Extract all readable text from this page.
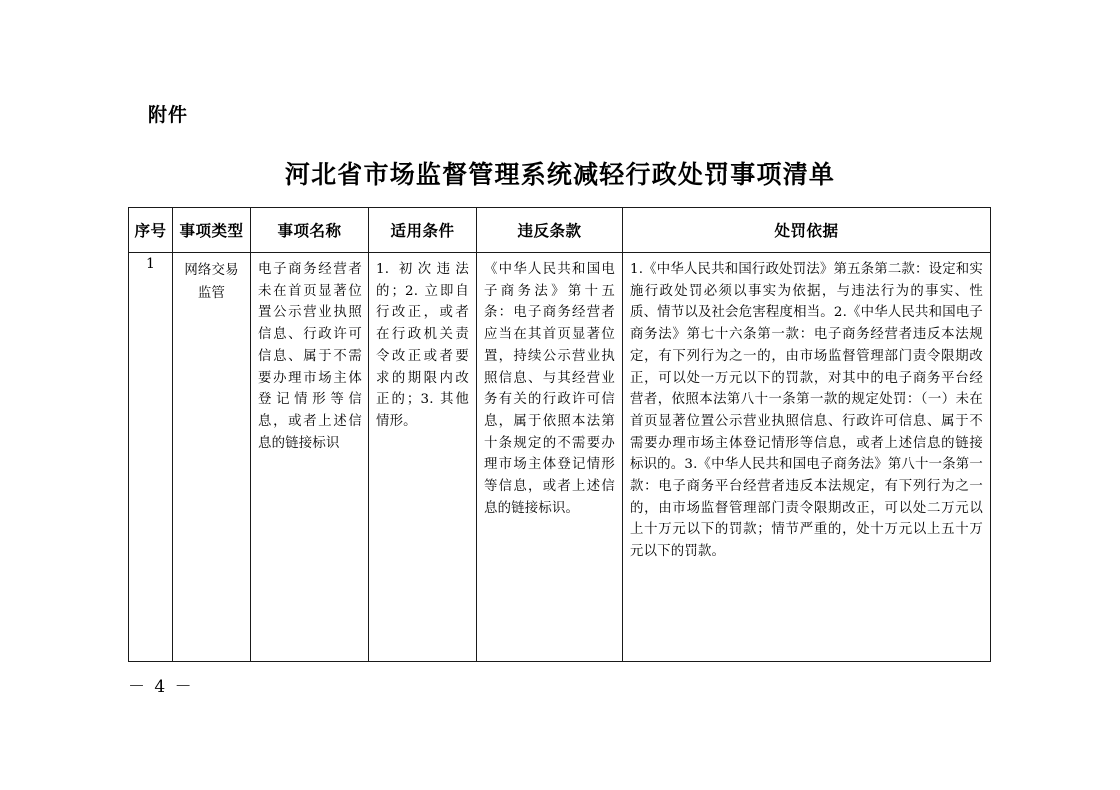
附件
河北省市场监督管理系统减轻行政处罚事项清单
序号	事项类型	事项名称	适用条件	违反条款	处罚依据
1	网络交易监管	电子商务经营者未在首页显著位置公示营业执照信息、行政许可信息、属于不需要办理市场主体登记情形等信息，或者上述信息的链接标识	1. 初次违法的；2. 立即自行改正，或者在行政机关责令改正或者要求的期限内改正的；3. 其他情形。	《中华人民共和国电子商务法》第十五条：电子商务经营者应当在其首页显著位置，持续公示营业执照信息、与其经营业务有关的行政许可信息，属于依照本法第十条规定的不需要办理市场主体登记情形等信息，或者上述信息的链接标识。	1.《中华人民共和国行政处罚法》第五条第二款：设定和实施行政处罚必须以事实为依据，与违法行为的事实、性质、情节以及社会危害程度相当。2.《中华人民共和国电子商务法》第七十六条第一款：电子商务经营者违反本法规定，有下列行为之一的，由市场监督管理部门责令限期改正，可以处一万元以下的罚款，对其中的电子商务平台经营者，依照本法第八十一条第一款的规定处罚：（一）未在首页显著位置公示营业执照信息、行政许可信息、属于不需要办理市场主体登记情形等信息，或者上述信息的链接标识的。3.《中华人民共和国电子商务法》第八十一条第一款：电子商务平台经营者违反本法规定，有下列行为之一的，由市场监督管理部门责令限期改正，可以处二万元以上十万元以下的罚款；情节严重的，处十万元以上五十万元以下的罚款。
－ 4 －
